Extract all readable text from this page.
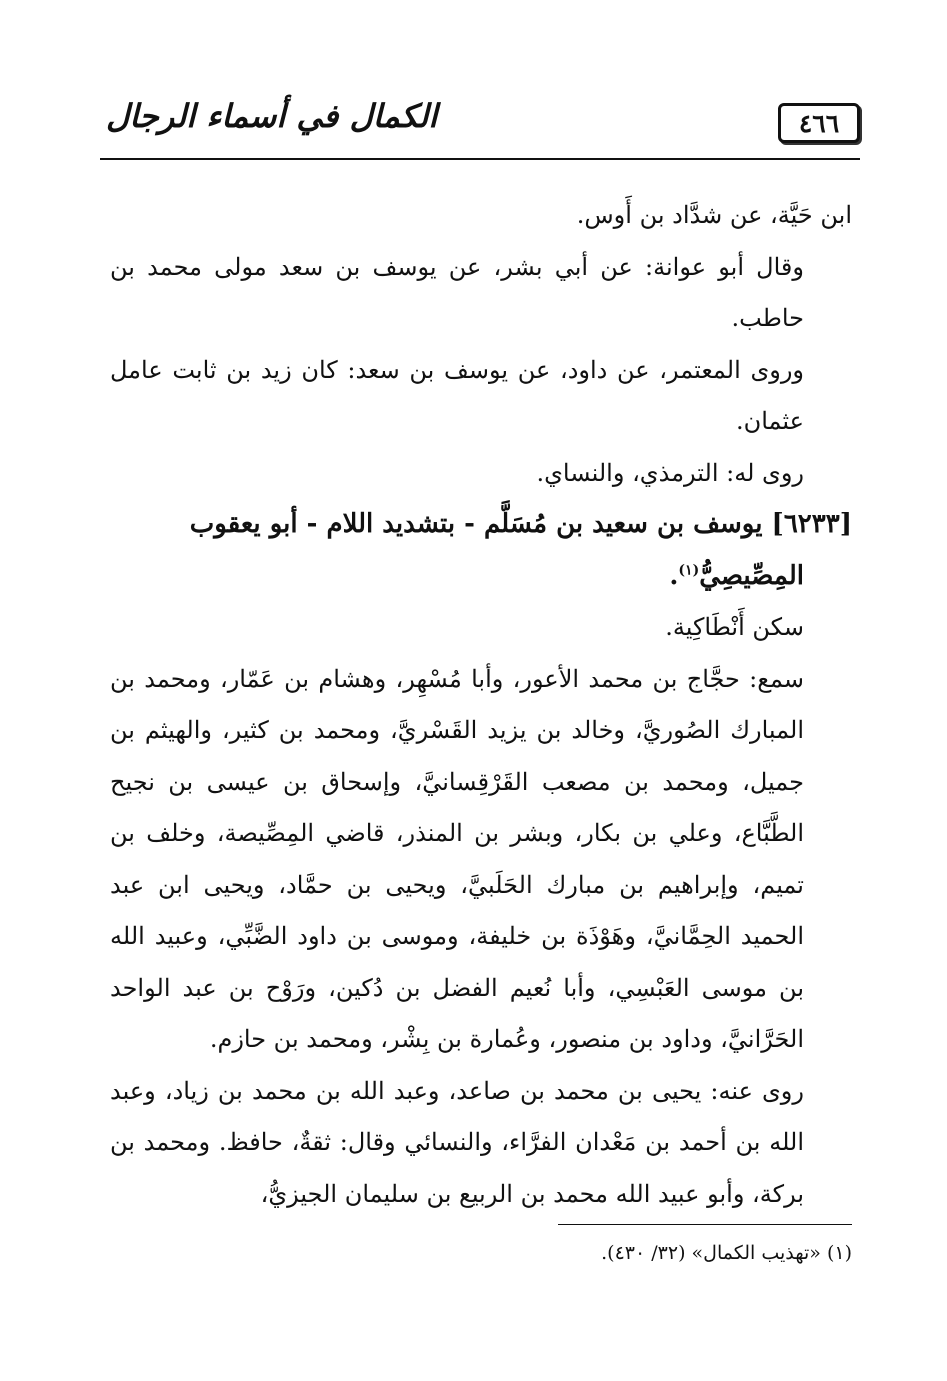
٤٦٦
الكمال في أسماء الرجال

ابن حَيَّة، عن شدَّاد بن أَوس.

وقال أبو عوانة: عن أبي بشر، عن يوسف بن سعد مولى محمد بن حاطب.

وروى المعتمر، عن داود، عن يوسف بن سعد: كان زيد بن ثابت عامل عثمان.

روى له: الترمذي، والنساي.

[٦٢٣٣] يوسف بن سعيد بن مُسَلَّم - بتشديد اللام - أبو يعقوب
المِصِّيصِيُّ$^{(١)}$.

سكن أَنْطَاكِية.

سمع: حجَّاج بن محمد الأعور، وأبا مُسْهِر، وهشام بن عَمّار، ومحمد بن المبارك الصُوريَّ، وخالد بن يزيد القَسْريَّ، ومحمد بن كثير، والهيثم بن جميل، ومحمد بن مصعب القَرْقِسانيَّ، وإسحاق بن عيسى بن نجيح الطَّبَّاع، وعلي بن بكار، وبشر بن المنذر، قاضي المِصِّيصة، وخلف بن تميم، وإبراهيم بن مبارك الحَلَبيَّ، ويحيى بن حمَّاد، ويحيى ابن عبد الحميد الحِمَّانيَّ، وهَوْذَة بن خليفة، وموسى بن داود الضَّبِّي، وعبيد الله بن موسى العَبْسِي، وأبا نُعيم الفضل بن دُكين، ورَوْح بن عبد الواحد الحَرَّانيَّ، وداود بن منصور، وعُمارة بن بِشْر، ومحمد بن حازم.

روى عنه: يحيى بن محمد بن صاعد، وعبد الله بن محمد بن زياد، وعبد الله بن أحمد بن مَعْدان الفرَّاء، والنسائي وقال: ثقةٌ، حافظ. ومحمد بن بركة، وأبو عبيد الله محمد بن الربيع بن سليمان الجيزيُّ،

(١) «تهذيب الكمال» (٣٢/ ٤٣٠).
